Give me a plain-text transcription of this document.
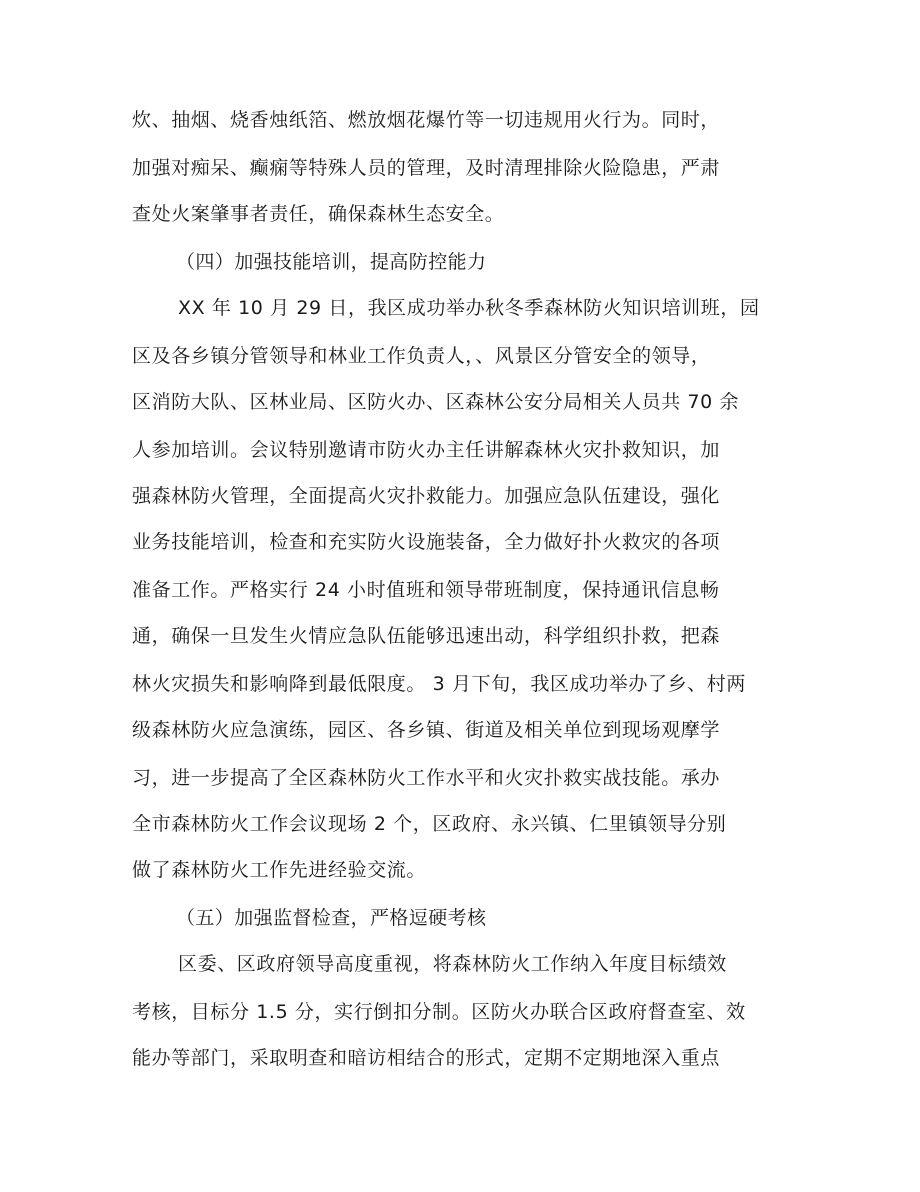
炊、抽烟、烧香烛纸箔、燃放烟花爆竹等一切违规用火行为。同时，
加强对痴呆、癫痫等特殊人员的管理，及时清理排除火险隐患，严肃
查处火案肇事者责任，确保森林生态安全。
（四）加强技能培训，提高防控能力
XX 年 10 月 29 日，我区成功举办秋冬季森林防火知识培训班，园
区及各乡镇分管领导和林业工作负责人，、风景区分管安全的领导，
区消防大队、区林业局、区防火办、区森林公安分局相关人员共 70 余
人参加培训。会议特别邀请市防火办主任讲解森林火灾扑救知识，加
强森林防火管理，全面提高火灾扑救能力。加强应急队伍建设，强化
业务技能培训，检查和充实防火设施装备，全力做好扑火救灾的各项
准备工作。严格实行 24 小时值班和领导带班制度，保持通讯信息畅
通，确保一旦发生火情应急队伍能够迅速出动，科学组织扑救，把森
林火灾损失和影响降到最低限度。 3 月下旬，我区成功举办了乡、村两
级森林防火应急演练，园区、各乡镇、街道及相关单位到现场观摩学
习，进一步提高了全区森林防火工作水平和火灾扑救实战技能。承办
全市森林防火工作会议现场 2 个，区政府、永兴镇、仁里镇领导分别
做了森林防火工作先进经验交流。
（五）加强监督检查，严格逗硬考核
区委、区政府领导高度重视，将森林防火工作纳入年度目标绩效
考核，目标分 1.5 分，实行倒扣分制。区防火办联合区政府督查室、效
能办等部门，采取明查和暗访相结合的形式，定期不定期地深入重点
